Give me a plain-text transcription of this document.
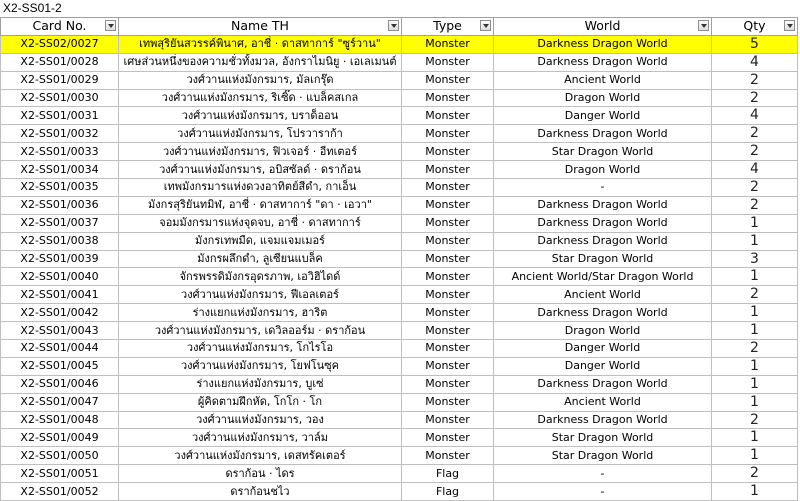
X2-SS01-2
Card No.	Name TH	Type	World	Qty

X2-SS02/0027	เทพสุริยันสวรรค์พินาศ, อาชี่ · ดาสทาการ์ "ซูร์วาน"	Monster	Darkness Dragon World	5
X2-SS01/0028	เศษส่วนหนึ่งของความชั่วทั้งมวล, อังกราไมนิยู · เอเลเมนต์	Monster	Darkness Dragon World	4
X2-SS01/0029	วงศ์วานแห่งมังกรมาร, มัลเกรุ๊ด	Monster	Ancient World	2
X2-SS01/0030	วงศ์วานแห่งมังกรมาร, ริเซิ๊ด · แบล็คสเกล	Monster	Dragon World	2
X2-SS01/0031	วงศ์วานแห่งมังกรมาร, บราด็ออน	Monster	Danger World	4
X2-SS01/0032	วงศ์วานแห่งมังกรมาร, โปรวาราก้า	Monster	Darkness Dragon World	2
X2-SS01/0033	วงศ์วานแห่งมังกรมาร, ฟิวเจอร์ · อีทเตอร์	Monster	Star Dragon World	2
X2-SS01/0034	วงศ์วานแห่งมังกรมาร, อบิสซัลด์ · ดราก้อน	Monster	Dragon World	4
X2-SS01/0035	เทพมังกรมารแห่งดวงอาทิตย์สีดำ, กาเอ็น	Monster	-	2
X2-SS01/0036	มังกรสุริยันทมิฬ, อาชี่ · ดาสทาการ์ "ดา · เอวา"	Monster	Darkness Dragon World	2
X2-SS01/0037	จอมมังกรมารแห่งจุดจบ, อาชี่ · ดาสทาการ์	Monster	Darkness Dragon World	1
X2-SS01/0038	มังกรเทพมืด, แจมแจมเมอร์	Monster	Darkness Dragon World	1
X2-SS01/0039	มังกรผลึกดำ, ลูเซียนแบล็ค	Monster	Star Dragon World	3
X2-SS01/0040	จักรพรรดิมังกรอุดรภาพ, เอวิฮิไดด์	Monster	Ancient World/Star Dragon World	1
X2-SS01/0041	วงศ์วานแห่งมังกรมาร, ฟีเอลเตอร์	Monster	Ancient World	2
X2-SS01/0042	ร่างแยกแห่งมังกรมาร, ฮาริต	Monster	Darkness Dragon World	1
X2-SS01/0043	วงศ์วานแห่งมังกรมาร, เดวิลออร์ม · ดราก้อน	Monster	Dragon World	1
X2-SS01/0044	วงศ์วานแห่งมังกรมาร, โกไรโอ	Monster	Danger World	2
X2-SS01/0045	วงศ์วานแห่งมังกรมาร, โยฟโนซุค	Monster	Danger World	1
X2-SS01/0046	ร่างแยกแห่งมังกรมาร, บูเซ่	Monster	Darkness Dragon World	1
X2-SS01/0047	ผู้คิดตามฝึกหัด, โกโก · โก	Monster	Ancient World	1
X2-SS01/0048	วงศ์วานแห่งมังกรมาร, วอง	Monster	Darkness Dragon World	2
X2-SS01/0049	วงศ์วานแห่งมังกรมาร, วาล์ม	Monster	Star Dragon World	1
X2-SS01/0050	วงศ์วานแห่งมังกรมาร, เดสทรัคเตอร์	Monster	Star Dragon World	1
X2-SS01/0051	ดราก้อน · ไดร	Flag	-	2
X2-SS01/0052	ดราก้อนชไว	Flag	-	1
